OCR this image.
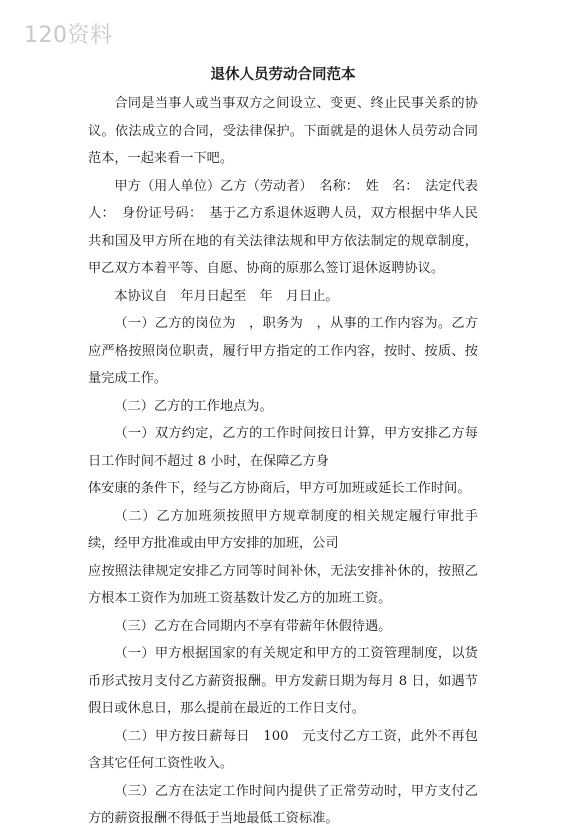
120资料
退休人员劳动合同范本

合同是当事人或当事双方之间设立、变更、终止民事关系的协议。依法成立的合同，受法律保护。下面就是的退休人员劳动合同范本，一起来看一下吧。

甲方（用人单位）乙方（劳动者）　名称：　姓　名：　法定代表人：　身份证号码：　基于乙方系退休返聘人员，双方根据中华人民共和国及甲方所在地的有关法律法规和甲方依法制定的规章制度，甲乙双方本着平等、自愿、协商的原那么签订退休返聘协议。

本协议自　年月日起至　年　月日止。

（一）乙方的岗位为　，职务为　，从事的工作内容为。乙方应严格按照岗位职责，履行甲方指定的工作内容，按时、按质、按量完成工作。

（二）乙方的工作地点为。

（一）双方约定，乙方的工作时间按日计算，甲方安排乙方每日工作时间不超过 8 小时，在保障乙方身

体安康的条件下，经与乙方协商后，甲方可加班或延长工作时间。

（二）乙方加班须按照甲方规章制度的相关规定履行审批手续，经甲方批准或由甲方安排的加班，公司

应按照法律规定安排乙方同等时间补休，无法安排补休的，按照乙方根本工资作为加班工资基数计发乙方的加班工资。

（三）乙方在合同期内不享有带薪年休假待遇。

（一）甲方根据国家的有关规定和甲方的工资管理制度，以货币形式按月支付乙方薪资报酬。甲方发薪日期为每月 8 日，如遇节假日或休息日，那么提前在最近的工作日支付。

（二）甲方按日薪每日　100　元支付乙方工资，此外不再包含其它任何工资性收入。

（三）乙方在法定工作时间内提供了正常劳动时，甲方支付乙方的薪资报酬不得低于当地最低工资标准。
